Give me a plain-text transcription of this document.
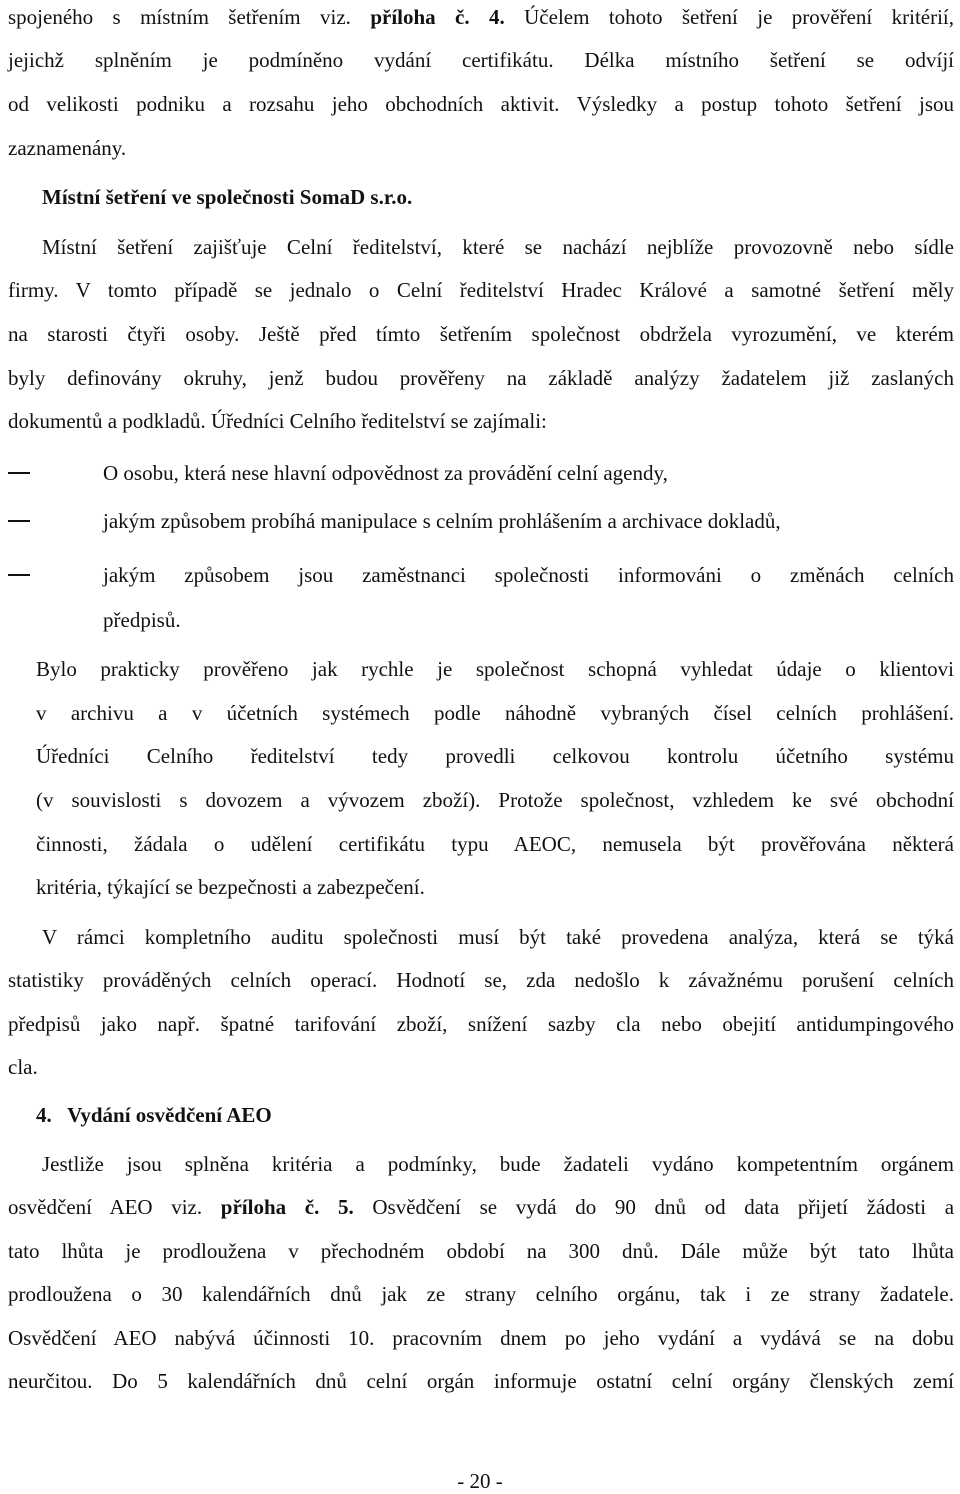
spojeného s místním šetřením viz. příloha č. 4. Účelem tohoto šetření je prověření kritérií,
jejichž splněním je podmíněno vydání certifikátu. Délka místního šetření se odvíjí
od velikosti podniku a rozsahu jeho obchodních aktivit. Výsledky a postup tohoto šetření jsou
zaznamenány.
Místní šetření ve společnosti SomaD s.r.o.
Místní šetření zajišťuje Celní ředitelství, které se nachází nejblíže provozovně nebo sídle
firmy. V tomto případě se jednalo o Celní ředitelství Hradec Králové a samotné šetření měly
na starosti čtyři osoby. Ještě před tímto šetřením společnost obdržela vyrozumění, ve kterém
byly definovány okruhy, jenž budou prověřeny na základě analýzy žadatelem již zaslaných
dokumentů a podkladů. Úředníci Celního ředitelství se zajímali:
O osobu, která nese hlavní odpovědnost za provádění celní agendy,
jakým způsobem probíhá manipulace s celním prohlášením a archivace dokladů,
jakým způsobem jsou zaměstnanci společnosti informováni o změnách celních
předpisů.
Bylo prakticky prověřeno jak rychle je společnost schopná vyhledat údaje o klientovi
v archivu a v účetních systémech podle náhodně vybraných čísel celních prohlášení.
Úředníci Celního ředitelství tedy provedli celkovou kontrolu účetního systému
(v souvislosti s dovozem a vývozem zboží). Protože společnost, vzhledem ke své obchodní
činnosti, žádala o udělení certifikátu typu AEOC, nemusela být prověřována některá
kritéria, týkající se bezpečnosti a zabezpečení.
V rámci kompletního auditu společnosti musí být také provedena analýza, která se týká
statistiky prováděných celních operací. Hodnotí se, zda nedošlo k závažnému porušení celních
předpisů jako např. špatné tarifování zboží, snížení sazby cla nebo obejití antidumpingového
cla.
4.   Vydání osvědčení AEO
Jestliže jsou splněna kritéria a podmínky, bude žadateli vydáno kompetentním orgánem
osvědčení AEO viz. příloha č. 5. Osvědčení se vydá do 90 dnů od data přijetí žádosti a
tato lhůta je prodloužena v přechodném období na 300 dnů. Dále může být tato lhůta
prodloužena o 30 kalendářních dnů jak ze strany celního orgánu, tak i ze strany žadatele.
Osvědčení AEO nabývá účinnosti 10. pracovním dnem po jeho vydání a vydává se na dobu
neurčitou. Do 5 kalendářních dnů celní orgán informuje ostatní celní orgány členských zemí
- 20 -
